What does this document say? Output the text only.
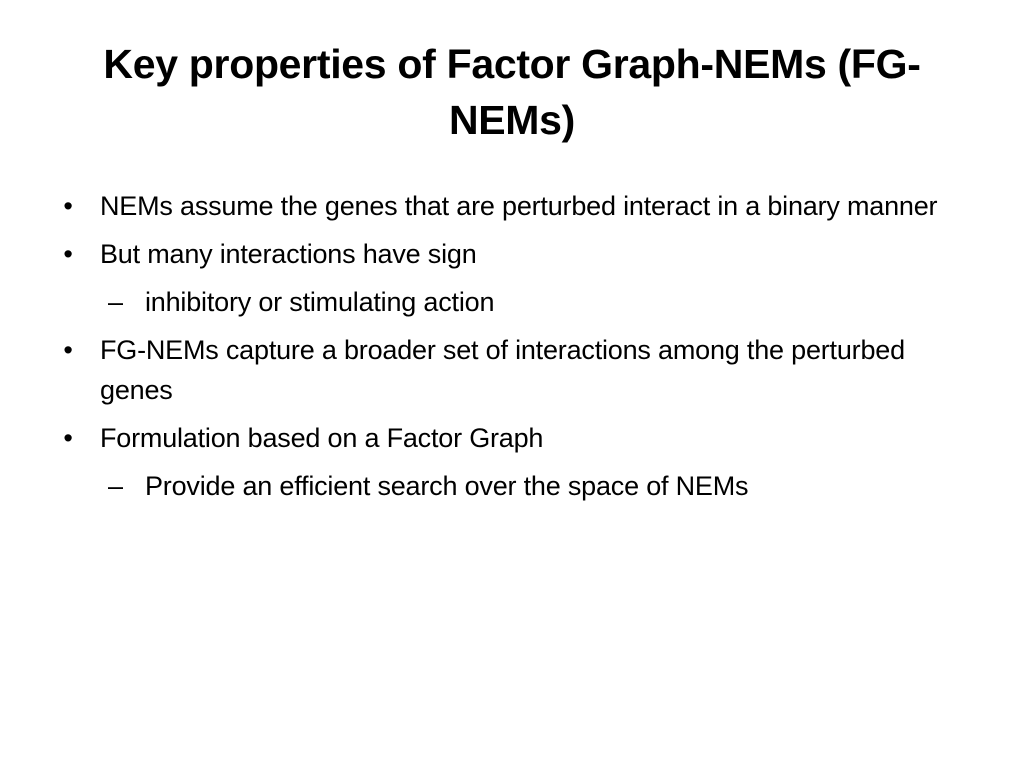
Key properties of Factor Graph-NEMs (FG-NEMs)
• NEMs assume the genes that are perturbed interact in a binary manner
• But many interactions have sign
– inhibitory or stimulating action
• FG-NEMs capture a broader set of interactions among the perturbed genes
• Formulation based on a Factor Graph
– Provide an efficient search over the space of NEMs
